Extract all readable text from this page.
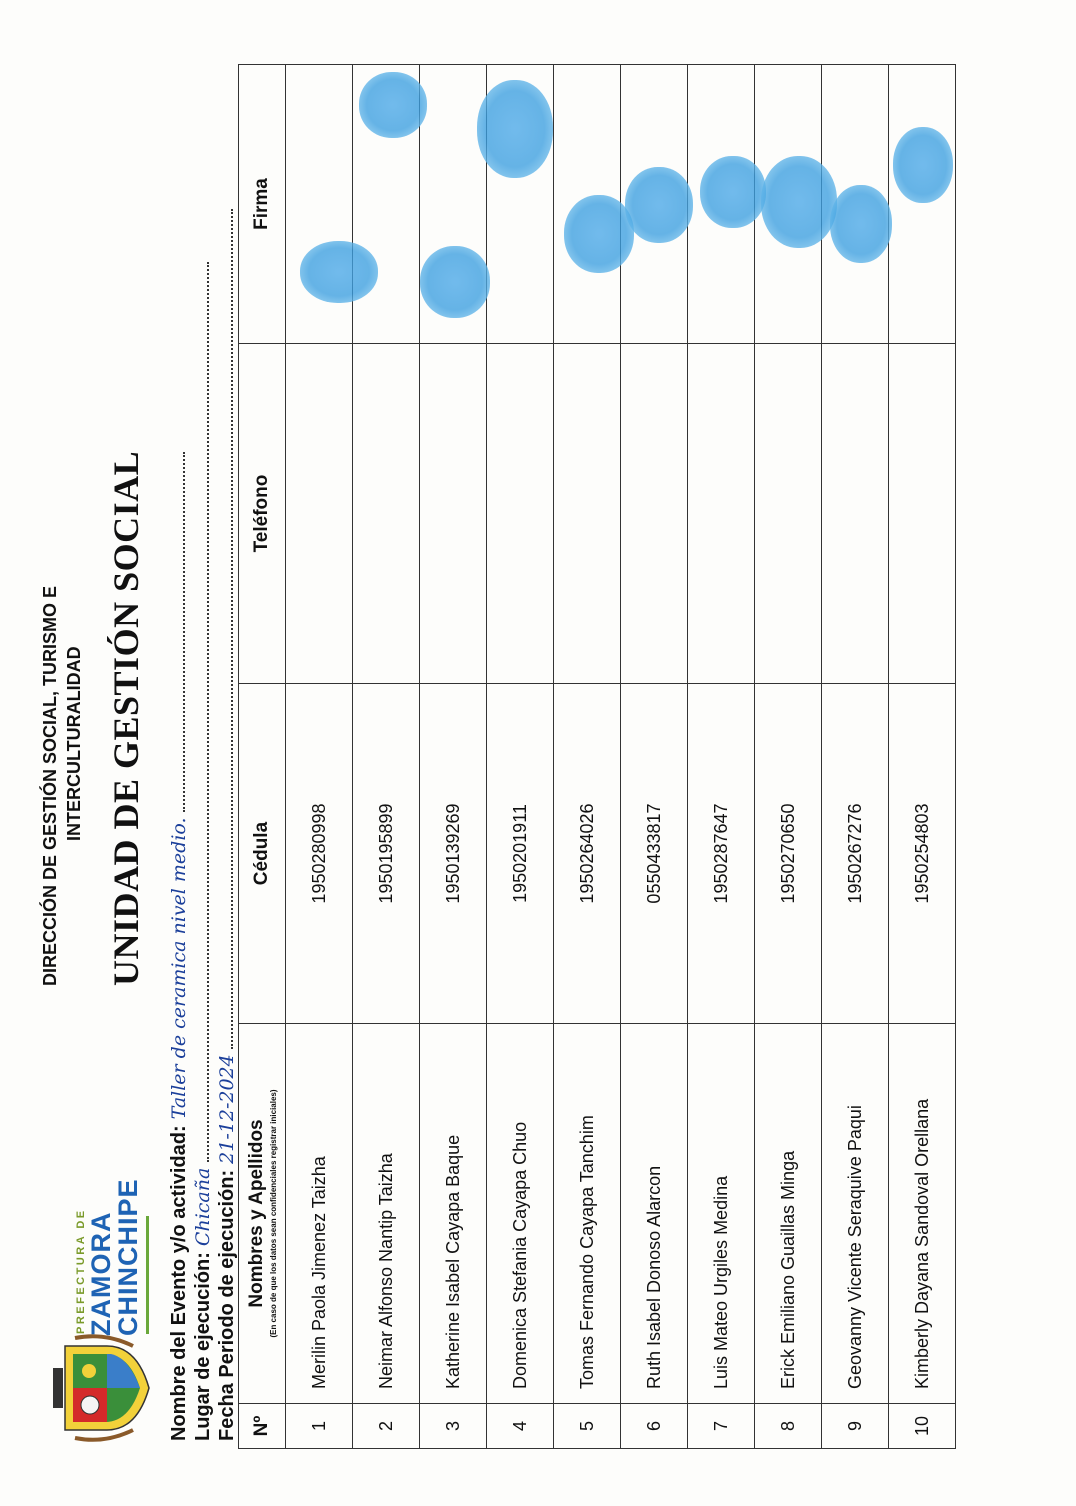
PREFECTURA DE ZAMORA
CHINCHIPE
DIRECCIÓN DE GESTIÓN SOCIAL, TURISMO E INTERCULTURALIDAD UNIDAD DE GESTIÓN SOCIAL
Nombre del Evento y/o actividad:Taller de ceramica nivel medio.
Lugar de ejecución:Chicaña Fecha Periodo de ejecución:21-12-2024
Nº	Nombres y Apellidos (En caso de que los datos sean confidenciales registrar iniciales)	Cédula	Teléfono	Firma
1	Merilin Paola Jimenez Taizha	1950280998		

2	Neimar Alfonso Nantip Taizha	1950195899		

3	Katherine Isabel Cayapa Baque	1950139269		

4	Domenica Stefania Cayapa Chuo	1950201911		

5	Tomas Fernando Cayapa Tanchim	1950264026		

6	Ruth Isabel Donoso Alarcon	0550433817		

7	Luis Mateo Urgiles Medina	1950287647		

8	Erick Emiliano Guaillas Minga	1950270650		

9	Geovanny Vicente Seraquive Paqui	1950267276		

10	Kimberly Dayana Sandoval Orellana	1950254803		
